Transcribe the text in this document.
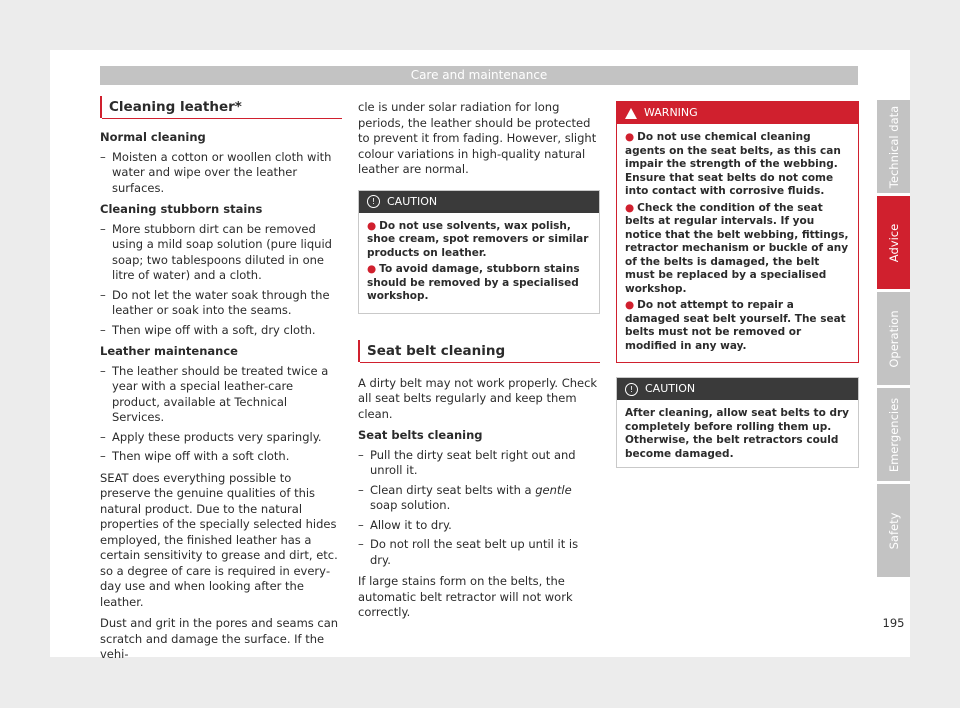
Care and maintenance
Cleaning leather*
Normal cleaning
– Moisten a cotton or woollen cloth with water and wipe over the leather surfaces.
Cleaning stubborn stains
– More stubborn dirt can be removed using a mild soap solution (pure liquid soap; two tablespoons diluted in one litre of water) and a cloth.
– Do not let the water soak through the leather or soak into the seams.
– Then wipe off with a soft, dry cloth.
Leather maintenance
– The leather should be treated twice a year with a special leather-care product, available at Technical Services.
– Apply these products very sparingly.
– Then wipe off with a soft cloth.

SEAT does everything possible to preserve the genuine qualities of this natural product. Due to the natural properties of the specially selected hides employed, the finished leather has a certain sensitivity to grease and dirt, etc. so a degree of care is required in everyday use and when looking after the leather.

Dust and grit in the pores and seams can scratch and damage the surface. If the vehi-

cle is under solar radiation for long periods, the leather should be protected to prevent it from fading. However, slight colour variations in high-quality natural leather are normal.

! CAUTION
● Do not use solvents, wax polish, shoe cream, spot removers or similar products on leather.
● To avoid damage, stubborn stains should be removed by a specialised workshop.
Seat belt cleaning

A dirty belt may not work properly. Check all seat belts regularly and keep them clean.

Seat belts cleaning
– Pull the dirty seat belt right out and unroll it.
– Clean dirty seat belts with a gentle soap solution.
– Allow it to dry.
– Do not roll the seat belt up until it is dry.

If large stains form on the belts, the automatic belt retractor will not work correctly.

WARNING
● Do not use chemical cleaning agents on the seat belts, as this can impair the strength of the webbing. Ensure that seat belts do not come into contact with corrosive fluids.
● Check the condition of the seat belts at regular intervals. If you notice that the belt webbing, fittings, retractor mechanism or buckle of any of the belts is damaged, the belt must be replaced by a specialised workshop.
● Do not attempt to repair a damaged seat belt yourself. The seat belts must not be removed or modified in any way.
! CAUTION
After cleaning, allow seat belts to dry completely before rolling them up. Otherwise, the belt retractors could become damaged.
Technical data
Advice
Operation
Emergencies
Safety
195
